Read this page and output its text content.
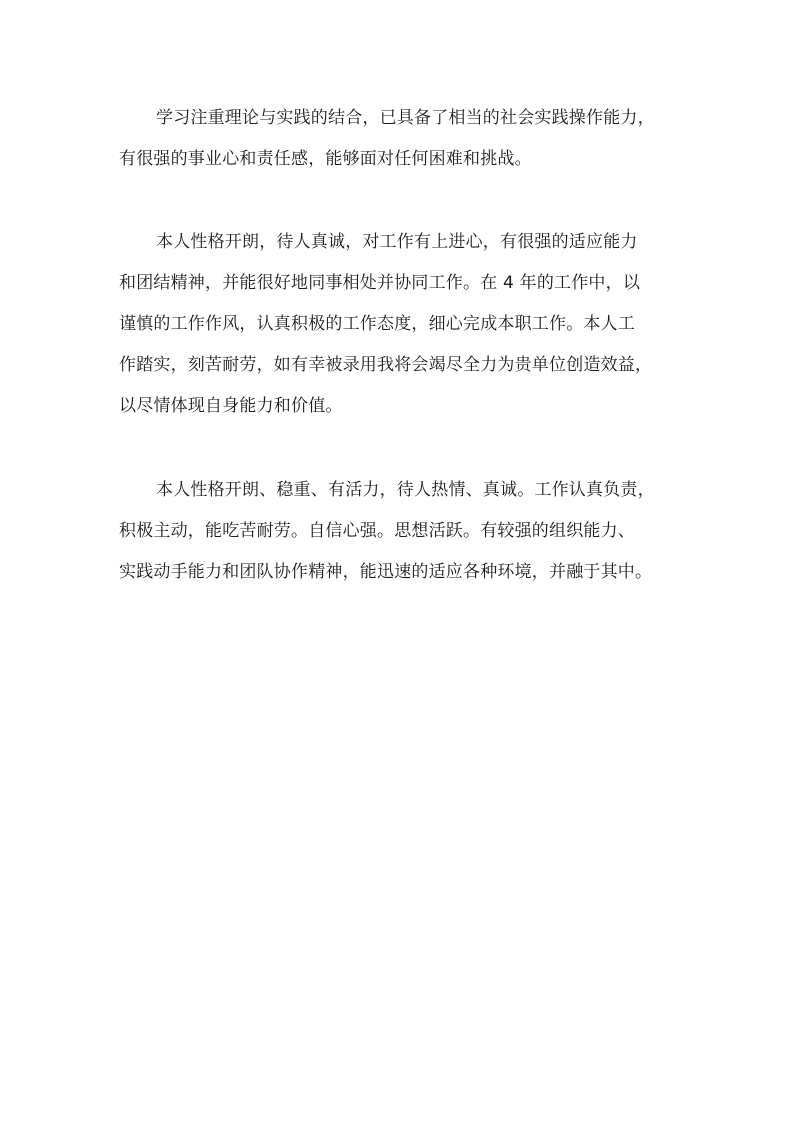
学习注重理论与实践的结合，已具备了相当的社会实践操作能力，
有很强的事业心和责任感，能够面对任何困难和挑战。
本人性格开朗，待人真诚，对工作有上进心，有很强的适应能力
和团结精神，并能很好地同事相处并协同工作。在 4 年的工作中，以
谨慎的工作作风，认真积极的工作态度，细心完成本职工作。本人工
作踏实，刻苦耐劳，如有幸被录用我将会竭尽全力为贵单位创造效益，
以尽情体现自身能力和价值。
本人性格开朗、稳重、有活力，待人热情、真诚。工作认真负责，
积极主动，能吃苦耐劳。自信心强。思想活跃。有较强的组织能力、
实践动手能力和团队协作精神，能迅速的适应各种环境，并融于其中。
